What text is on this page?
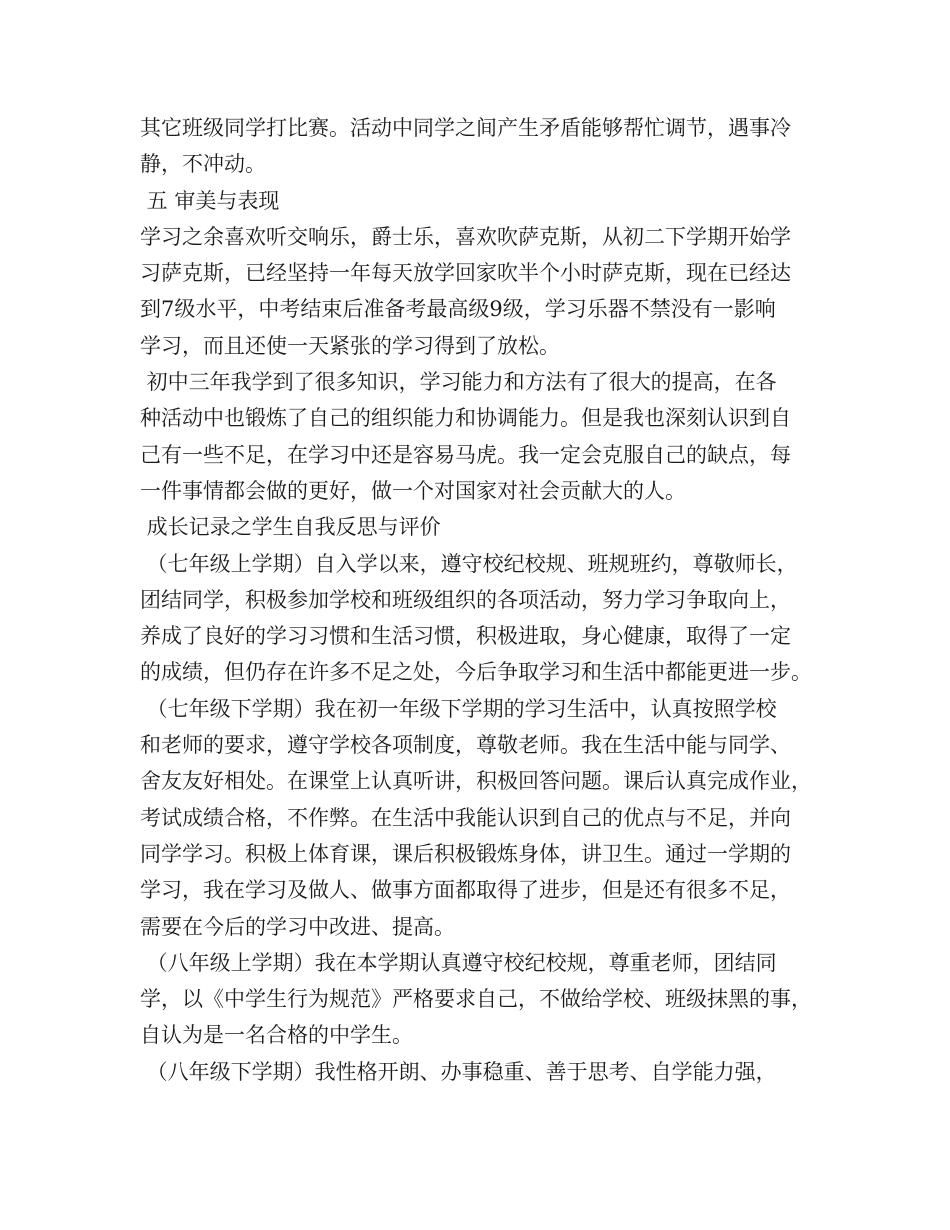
其它班级同学打比赛。活动中同学之间产生矛盾能够帮忙调节，遇事冷
静，不冲动。
五 审美与表现
学习之余喜欢听交响乐，爵士乐，喜欢吹萨克斯，从初二下学期开始学
习萨克斯，已经坚持一年每天放学回家吹半个小时萨克斯，现在已经达
到7级水平，中考结束后准备考最高级9级，学习乐器不禁没有一影响
学习，而且还使一天紧张的学习得到了放松。
初中三年我学到了很多知识，学习能力和方法有了很大的提高，在各
种活动中也锻炼了自己的组织能力和协调能力。但是我也深刻认识到自
己有一些不足，在学习中还是容易马虎。我一定会克服自己的缺点，每
一件事情都会做的更好，做一个对国家对社会贡献大的人。
成长记录之学生自我反思与评价
（七年级上学期）自入学以来，遵守校纪校规、班规班约，尊敬师长，
团结同学，积极参加学校和班级组织的各项活动，努力学习争取向上，
养成了良好的学习习惯和生活习惯，积极进取，身心健康，取得了一定
的成绩，但仍存在许多不足之处，今后争取学习和生活中都能更进一步。
（七年级下学期）我在初一年级下学期的学习生活中，认真按照学校
和老师的要求，遵守学校各项制度，尊敬老师。我在生活中能与同学、
舍友友好相处。在课堂上认真听讲，积极回答问题。课后认真完成作业，
考试成绩合格，不作弊。在生活中我能认识到自己的优点与不足，并向
同学学习。积极上体育课，课后积极锻炼身体，讲卫生。通过一学期的
学习，我在学习及做人、做事方面都取得了进步，但是还有很多不足，
需要在今后的学习中改进、提高。
（八年级上学期）我在本学期认真遵守校纪校规，尊重老师，团结同
学，以《中学生行为规范》严格要求自己，不做给学校、班级抹黑的事，
自认为是一名合格的中学生。
（八年级下学期）我性格开朗、办事稳重、善于思考、自学能力强，
